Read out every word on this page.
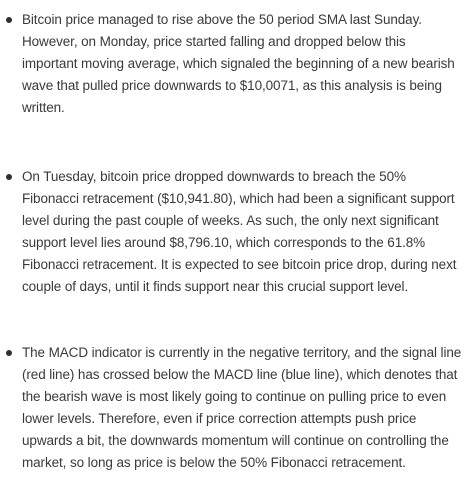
Bitcoin price managed to rise above the 50 period SMA last Sunday.
However, on Monday, price started falling and dropped below this
important moving average, which signaled the beginning of a new bearish
wave that pulled price downwards to $10,0071, as this analysis is being
written.

On Tuesday, bitcoin price dropped downwards to breach the 50%
Fibonacci retracement ($10,941.80), which had been a significant support
level during the past couple of weeks. As such, the only next significant
support level lies around $8,796.10, which corresponds to the 61.8%
Fibonacci retracement. It is expected to see bitcoin price drop, during next
couple of days, until it finds support near this crucial support level.

The MACD indicator is currently in the negative territory, and the signal line
(red line) has crossed below the MACD line (blue line), which denotes that
the bearish wave is most likely going to continue on pulling price to even
lower levels. Therefore, even if price correction attempts push price
upwards a bit, the downwards momentum will continue on controlling the
market, so long as price is below the 50% Fibonacci retracement.
